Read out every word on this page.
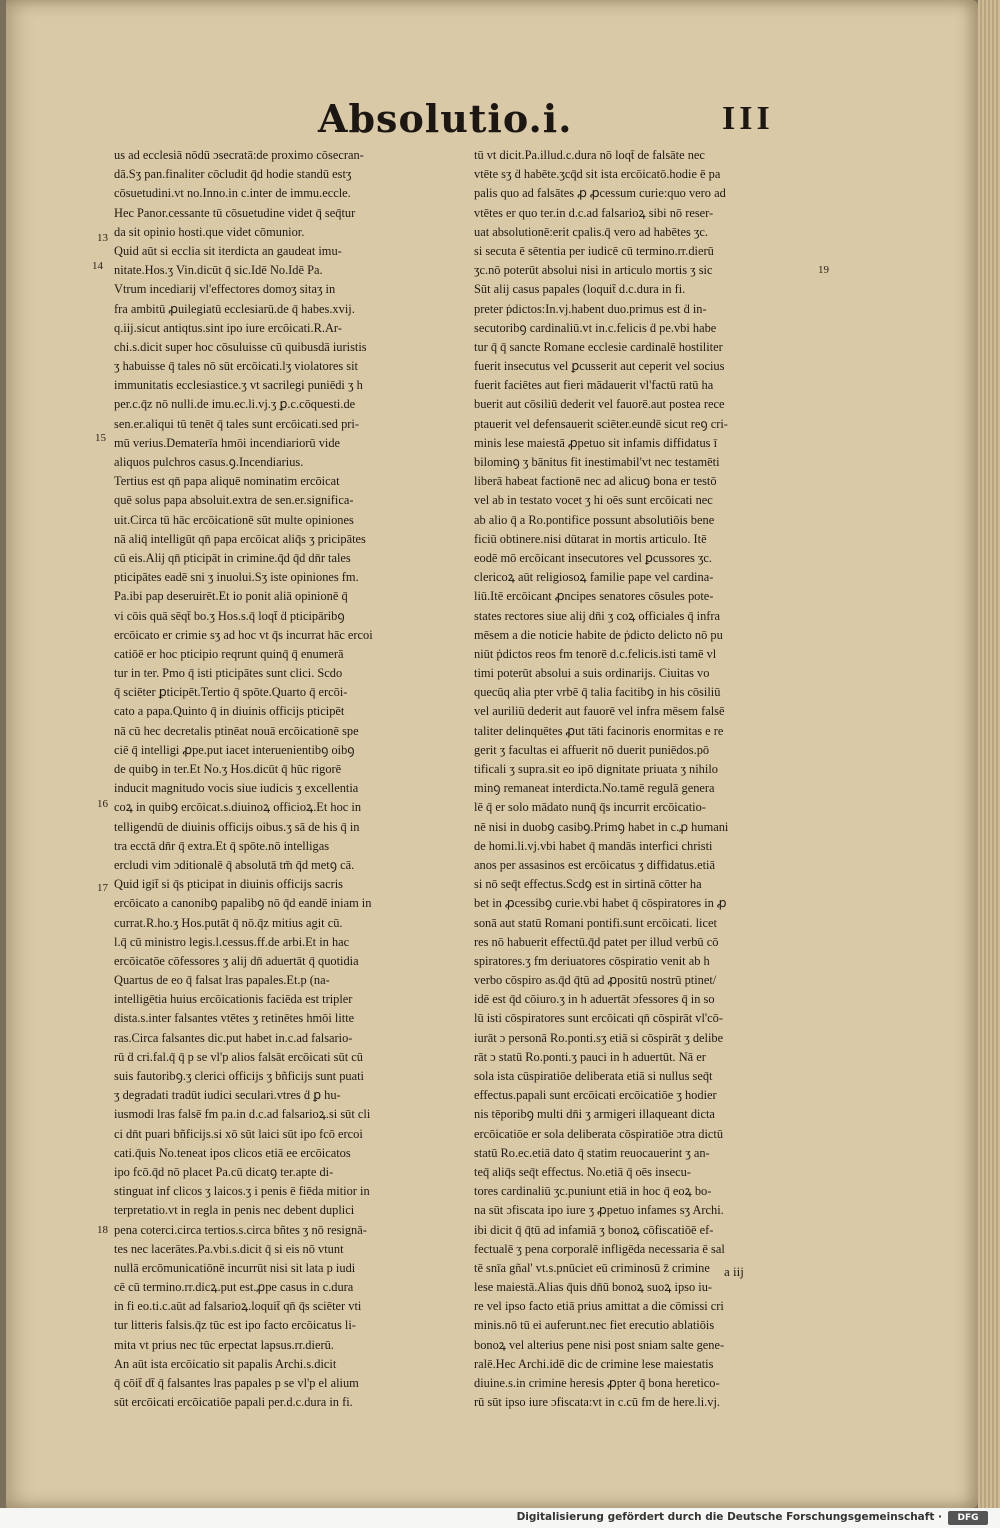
Absolutio.i.	III
us ad ecclesiā nōdū ɔsecratā:de proximo cōsecran-
dā.Sʒ pan.finaliter cōcludit q̄d hodie standū estʒ
cōsuetudini.vt no.Inno.in c.inter de immu.eccle.
Hec Panor.cessante tū cōsuetudine videt q̄ seq̄tur
da sit opinio hosti.que videt cōmunior.
Quid aūt si ecclia sit iterdicta an gaudeat imu-
nitate.Hos.ʒ Vin.dicūt q̄ sic.Idē No.Idē Pa.
Vtrum incediarij vl'effectores domoʒ sitaʒ in
fra ambitū ꝓuilegiatū ecclesiarū.de q̄ habes.xvij.
q.iij.sicut antiqtus.sint ipo iure ercōicati.R.Ar-
chi.s.dicit super hoc cōsuluisse cū quibusdā iuristis
ʒ habuisse q̄ tales nō sūt ercōicati.lʒ violatores sit
immunitatis ecclesiastice.ʒ vt sacrilegi puniēdi ʒ h
per.c.q̄z nō nulli.de imu.ec.li.vj.ʒ ꝑ.c.cōquesti.de
sen.er.aliqui tū tenēt q̄ tales sunt ercōicati.sed pri-
mū verius.Dematerīa hmōi incendiariorū vide
aliquos pulchros casus.ꝯ.Incendiarius.
Tertius est qn̄ papa aliquē nominatim ercōicat
quē solus papa absoluit.extra de sen.er.significa-
uit.Circa tū hāc ercōicationē sūt multe opiniones
nā aliq̄ intelligūt qn̄ papa ercōicat aliq̄s ʒ pricipātes
cū eis.Alij qn̄ pticipāt in crimine.q̄d q̄d dn̄r tales
pticipātes eadē sni ʒ inuolui.Sʒ iste opiniones fm.
Pa.ibi pap deseruirēt.Et io ponit aliā opinionē q̄
vi cōis quā sēqt̄ bo.ʒ Hos.s.q̄ loqt̄ ḋ pticipāribꝯ
ercōicato er crimie sʒ ad hoc vt q̄s incurrat hāc ercoi
catiōē er hoc pticipio reqrunt quinq̄ q̄ enumerā
tur in ter. Pmo q̄ isti pticipātes sunt clici. Scdo
q̄ sciēter ꝑticipēt.Tertio q̄ spōte.Quarto q̄ ercōi-
cato a papa.Quinto q̄ in diuinis officijs pticipēt
nā cū hec decretalis ptinēat nouā ercōicationē spe
ciē q̄ intelligi ꝓpe.put iacet interuenientibꝯ oibꝯ
de quibꝯ in ter.Et No.ʒ Hos.dicūt q̄ hūc rigorē
inducit magnitudo vocis siue iudicis ʒ excellentia
coꝝ in quibꝯ ercōicat.s.diuinoꝝ officioꝝ.Et hoc in
telligendū de diuinis officijs oibus.ʒ sā de his q̄ in
tra ecctā dn̄r q̄ extra.Et q̄ spōte.nō intelligas
ercludi vim ɔditionalē q̄ absolutā tm̄ q̄d metꝯ cā.
Quid igit̄ si q̄s pticipat in diuinis officijs sacris
ercōicato a canonibꝯ papalibꝯ nō q̄d eandē iniam in
currat.R.ho.ʒ Hos.putāt q̄ nō.q̄z mitius agit cū.
l.q̄ cū ministro legis.l.cessus.ff.de arbi.Et in hac
ercōicatōe cōfessores ʒ alij dn̄ aduertāt q̄ quotidia
Quartus de eo q̄ falsat lras papales.Et.p (na-
intelligētia huius ercōicationis faciēda est tripler
dista.s.inter falsantes vtētes ʒ retinētes hmōi litte
ras.Circa falsantes dic.put habet in.c.ad falsario-
rū ḋ cri.fal.q̄ q̄ p se vl'p alios falsāt ercōicati sūt cū
suis fautoribꝯ.ʒ clerici officijs ʒ bñficijs sunt puati
ʒ degradati tradūt iudici seculari.vtres ḋ ꝑ hu-
iusmodi lras falsē fm pa.in d.c.ad falsarioꝝ.si sūt cli
ci dn̄t puari bñficijs.si xō sūt laici sūt ipo fcō ercoi
cati.q̄uis No.teneat ipos clicos etiā ee ercōicatos
ipo fcō.q̄d nō placet Pa.cū dicatꝯ ter.apte di-
stinguat inf clicos ʒ laicos.ʒ i penis ē fiēda mitior in
terpretatio.vt in regla in penis nec debent duplici
pena coterci.circa tertios.s.circa bñtes ʒ nō resignā-
tes nec lacerātes.Pa.vbi.s.dicit q̄ si eis nō vtunt
nullā ercōmunicatiōnē incurrūt nisi sit lata p iudi
cē cū termino.rr.dicꝝ.put est.ꝓpe casus in c.dura
in fi eo.ti.c.aūt ad falsarioꝝ.loquit̄ qn̄ q̄s sciēter vti
tur litteris falsis.q̄z tūc est ipo facto ercōicatus li-
mita vt prius nec tūc erpectat lapsus.rr.dierū.
An aūt ista ercōicatio sit papalis Archi.s.dicit
q̄ cōit̄ dt̄ q̄ falsantes lras papales p se vl'p el alium
sūt ercōicati ercōicatiōe papali per.d.c.dura in fi.
tū vt dicit.Pa.illud.c.dura nō loqt̄ de falsāte nec
vtēte sʒ ḋ habēte.ʒcq̄d sit ista ercōicatō.hodie ē pa
palis quo ad falsātes ꝓ ꝓcessum curie:quo vero ad
vtētes er quo ter.in d.c.ad falsarioꝝ sibi nō reser-
uat absolutionē:erit cpalis.q̄ vero ad habētes ʒc.
si secuta ē sētentia per iudicē cū termino.rr.dierū
ʒc.nō poterūt absolui nisi in articulo mortis ʒ sic
Sūt alij casus papales (loquit̄ d.c.dura in fi.
preter ṗdictos:In.vj.habent duo.primus est ḋ in-
secutoribꝯ cardinaliū.vt in.c.felicis ḋ pe.vbi habe
tur q̄ q̄ sancte Romane ecclesie cardinalē hostiliter
fuerit insecutus vel ꝑcusserit aut ceperit vel socius
fuerit faciētes aut fieri mādauerit vl'factū ratū ha
buerit aut cōsiliū dederit vel fauorē.aut postea rece
ptauerit vel defensauerit sciēter.eundē sicut reꝯ cri-
minis lese maiestā ꝓpetuo sit infamis diffidatus ī
bilominꝯ ʒ bānitus fit inestimabil'vt nec testamēti
liberā habeat factionē nec ad alicuꝯ bona er testō
vel ab in testato vocet ʒ hi oēs sunt ercōicati nec
ab alio q̄ a Ro.pontifice possunt absolutiōis bene
ficiū obtinere.nisi dūtarat in mortis articulo. Itē
eodē mō ercōicant insecutores vel ꝑcussores ʒc.
clericoꝝ aūt religiosoꝝ familie pape vel cardina-
liū.Itē ercōicant ꝓncipes senatores cōsules pote-
states rectores siue alij dn̄i ʒ coꝝ officiales q̄ infra
mēsem a die noticie habite de ṗdicto delicto nō pu
niūt ṗdictos reos fm tenorē d.c.felicis.isti tamē vl
timi poterūt absolui a suis ordinarijs. Ciuitas vo
quecūq alia pter vrbē q̄ talia facitibꝯ in his cōsiliū
vel auriliū dederit aut fauorē vel infra mēsem falsē
taliter delinquētes ꝓut tāti facinoris enormitas e re
gerit ʒ facultas ei affuerit nō duerit puniēdos.pō
tificali ʒ supra.sit eo ipō dignitate priuata ʒ nihilo
minꝯ remaneat interdicta.No.tamē regulā genera
lē q̄ er solo mādato nunq̄ q̄s incurrit ercōicatio-
nē nisi in duobꝯ casibꝯ.Primꝯ habet in c.ꝓ humani
de homi.li.vj.vbi habet q̄ mandās interfici christi
anos per assasinos est ercōicatus ʒ diffidatus.etiā
si nō seq̄t effectus.Scdꝯ est in sirtinā cōtter ha
bet in ꝓcessibꝯ curie.vbi habet q̄ cōspiratores in ꝓ
sonā aut statū Romani pontifi.sunt ercōicati. licet
res nō habuerit effectū.q̄d patet per illud verbū cō
spiratores.ʒ fm deriuatores cōspiratio venit ab h
verbo cōspiro as.q̄d q̄tū ad ꝓpositū nostrū ptinet/
idē est q̄d cōiuro.ʒ in h aduertāt ɔfessores q̄ in so
lū isti cōspiratores sunt ercōicati qn̄ cōspirāt vl'cō-
iurāt ɔ personā Ro.ponti.sʒ etiā si cōspirāt ʒ delibe
rāt ɔ statū Ro.ponti.ʒ pauci in h aduertūt. Nā er
sola ista cūspiratiōe deliberata etiā si nullus seq̄t
effectus.papali sunt ercōicati ercōicatiōe ʒ hodier
nis tēporibꝯ multi dn̄i ʒ armigeri illaqueant dicta
ercōicatiōe er sola deliberata cōspiratiōe ɔtra dictū
statū Ro.ec.etiā dato q̄ statim reuocauerint ʒ an-
teq̄ aliq̄s seq̄t effectus. No.etiā q̄ oēs insecu-
tores cardinaliū ʒc.puniunt etiā in hoc q̄ eoꝝ bo-
na sūt ɔfiscata ipo iure ʒ ꝓpetuo infames sʒ Archi.
ibi dicit q̄ q̄tū ad infamiā ʒ bonoꝝ cōfiscatiōē ef-
fectualē ʒ pena corporalē infligēda necessaria ē sal
tē snīa gñal' vt.s.pnūciet eū criminosū z̄ crimine
lese maiestā.Alias q̄uis dn̄ū bonoꝝ suoꝝ ipso iu-
re vel ipso facto etiā prius amittat a die cōmissi cri
minis.nō tū ei auferunt.nec fiet erecutio ablatiōis
bonoꝝ vel alterius pene nisi post sniam salte gene-
ralē.Hec Archi.idē dic de crimine lese maiestatis
diuine.s.in crimine heresis ꝓpter q̄ bona heretico-
rū sūt ipso iure ɔfiscata:vt in c.cū fm de here.li.vj.
13
14
15
16
17
18
19
a iij
Digitalisierung gefördert durch die Deutsche Forschungsgemeinschaft ·	DFG
